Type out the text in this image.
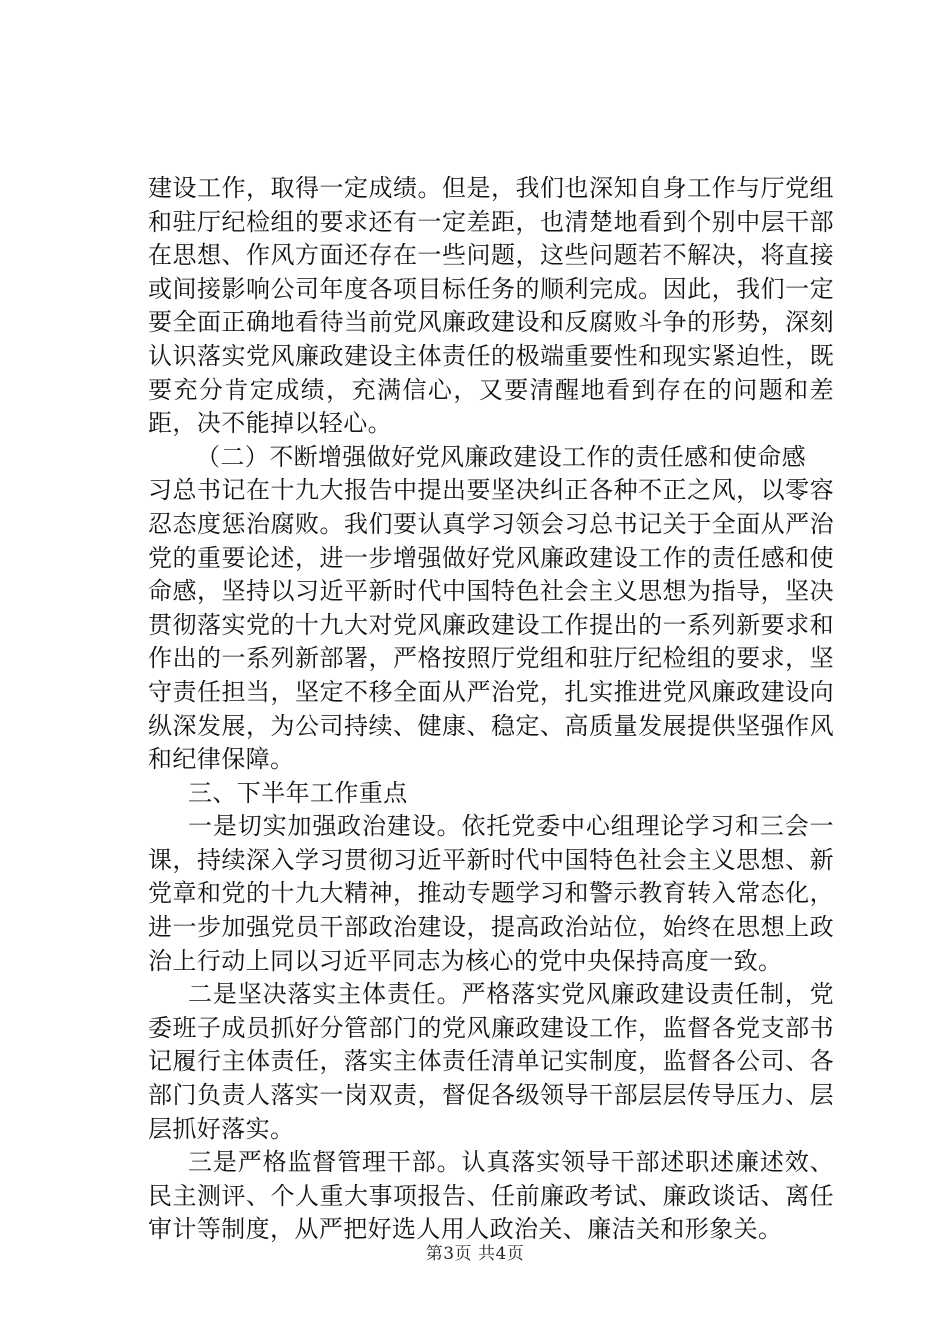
建设工作，取得一定成绩。但是，我们也深知自身工作与厅党组和驻厅纪检组的要求还有一定差距，也清楚地看到个别中层干部在思想、作风方面还存在一些问题，这些问题若不解决，将直接或间接影响公司年度各项目标任务的顺利完成。因此，我们一定要全面正确地看待当前党风廉政建设和反腐败斗争的形势，深刻认识落实党风廉政建设主体责任的极端重要性和现实紧迫性，既要充分肯定成绩，充满信心，又要清醒地看到存在的问题和差距，决不能掉以轻心。

（二）不断增强做好党风廉政建设工作的责任感和使命感

习总书记在十九大报告中提出要坚决纠正各种不正之风，以零容忍态度惩治腐败。我们要认真学习领会习总书记关于全面从严治党的重要论述，进一步增强做好党风廉政建设工作的责任感和使命感，坚持以习近平新时代中国特色社会主义思想为指导，坚决贯彻落实党的十九大对党风廉政建设工作提出的一系列新要求和作出的一系列新部署，严格按照厅党组和驻厅纪检组的要求，坚守责任担当，坚定不移全面从严治党，扎实推进党风廉政建设向纵深发展，为公司持续、健康、稳定、高质量发展提供坚强作风和纪律保障。

三、下半年工作重点

一是切实加强政治建设。依托党委中心组理论学习和三会一课，持续深入学习贯彻习近平新时代中国特色社会主义思想、新党章和党的十九大精神，推动专题学习和警示教育转入常态化，进一步加强党员干部政治建设，提高政治站位，始终在思想上政治上行动上同以习近平同志为核心的党中央保持高度一致。

二是坚决落实主体责任。严格落实党风廉政建设责任制，党委班子成员抓好分管部门的党风廉政建设工作，监督各党支部书记履行主体责任，落实主体责任清单记实制度，监督各公司、各部门负责人落实一岗双责，督促各级领导干部层层传导压力、层层抓好落实。

三是严格监督管理干部。认真落实领导干部述职述廉述效、民主测评、个人重大事项报告、任前廉政考试、廉政谈话、离任审计等制度，从严把好选人用人政治关、廉洁关和形象关。

第3页 共4页
